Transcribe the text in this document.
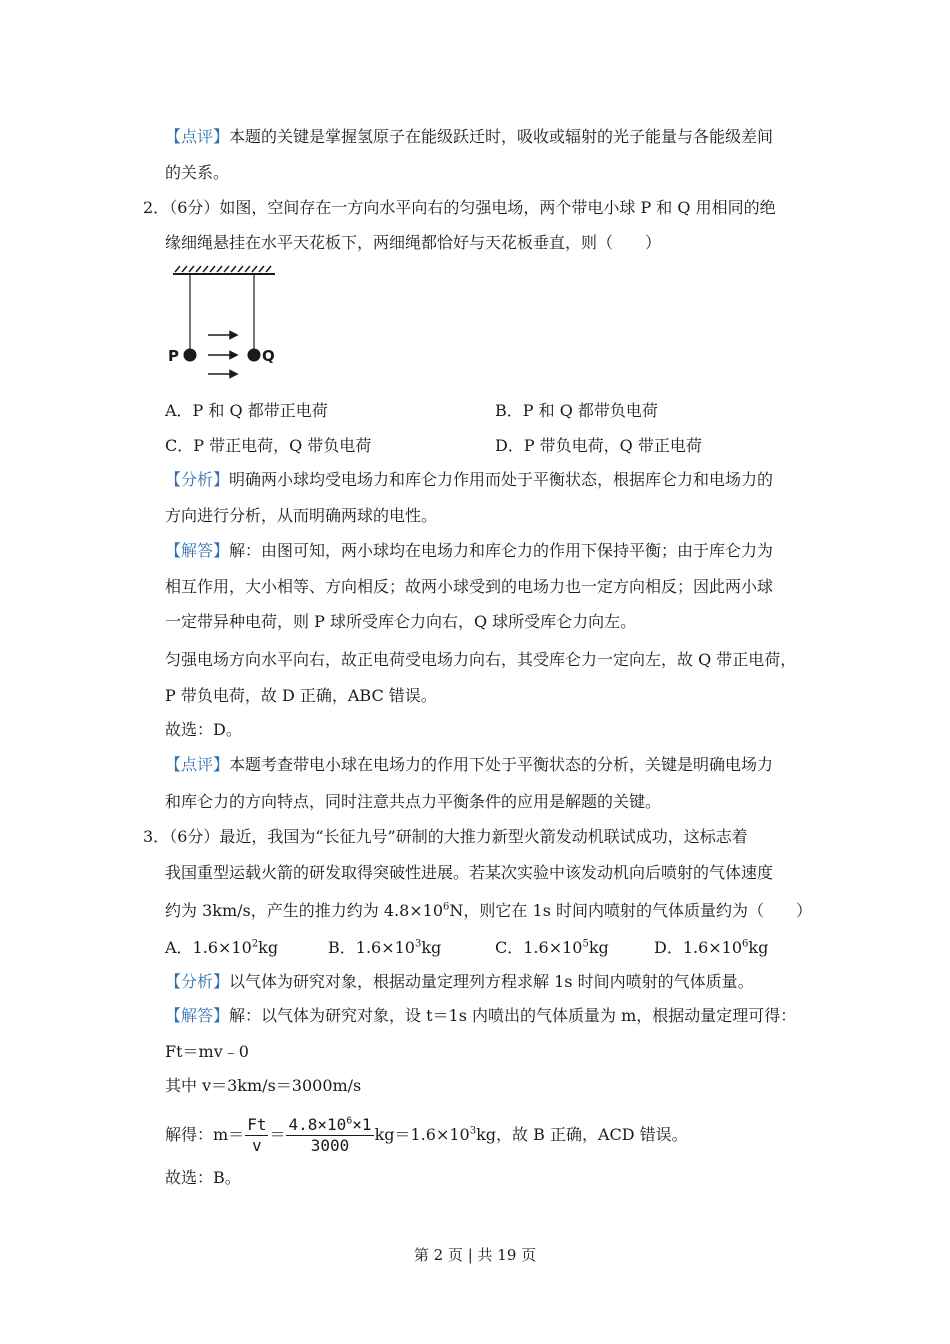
【点评】本题的关键是掌握氢原子在能级跃迁时，吸收或辐射的光子能量与各能级差间
的关系。
2．（6分）如图，空间存在一方向水平向右的匀强电场，两个带电小球 P 和 Q 用相同的绝
缘细绳悬挂在水平天花板下，两细绳都恰好与天花板垂直，则（　　）
P	Q
A．P 和 Q 都带正电荷	B．P 和 Q 都带负电荷
C．P 带正电荷，Q 带负电荷	D．P 带负电荷，Q 带正电荷
【分析】明确两小球均受电场力和库仑力作用而处于平衡状态，根据库仑力和电场力的
方向进行分析，从而明确两球的电性。
【解答】解：由图可知，两小球均在电场力和库仑力的作用下保持平衡；由于库仑力为
相互作用，大小相等、方向相反；故两小球受到的电场力也一定方向相反；因此两小球
一定带异种电荷，则 P 球所受库仑力向右，Q 球所受库仑力向左。
匀强电场方向水平向右，故正电荷受电场力向右，其受库仑力一定向左，故 Q 带正电荷，
P 带负电荷，故 D 正确，ABC 错误。
故选：D。
【点评】本题考查带电小球在电场力的作用下处于平衡状态的分析，关键是明确电场力
和库仑力的方向特点，同时注意共点力平衡条件的应用是解题的关键。
3．（6分）最近，我国为“长征九号”研制的大推力新型火箭发动机联试成功，这标志着
我国重型运载火箭的研发取得突破性进展。若某次实验中该发动机向后喷射的气体速度
约为 3km/s，产生的推力约为 $4.8\times 10^6N$，则它在 1s 时间内喷射的气体质量约为（　　）
A．$1.6\times 10^2kg$	B．$1.6\times 10^3kg$	C．$1.6\times 10^5kg$	D．$1.6\times 10^6kg$
【分析】以气体为研究对象，根据动量定理列方程求解 1s 时间内喷射的气体质量。
【解答】解：以气体为研究对象，设 t＝1s 内喷出的气体质量为 m，根据动量定理可得：
Ft＝mv﹣0
其中 v＝3km/s＝3000m/s
解得：$m= \frac{Ft}{v} = \frac{4.8\times 10^6\times 1}{3000} kg=1.6\times 10^3kg$，故 B 正确，ACD 错误。
故选：B。
第 2 页 | 共 19 页
